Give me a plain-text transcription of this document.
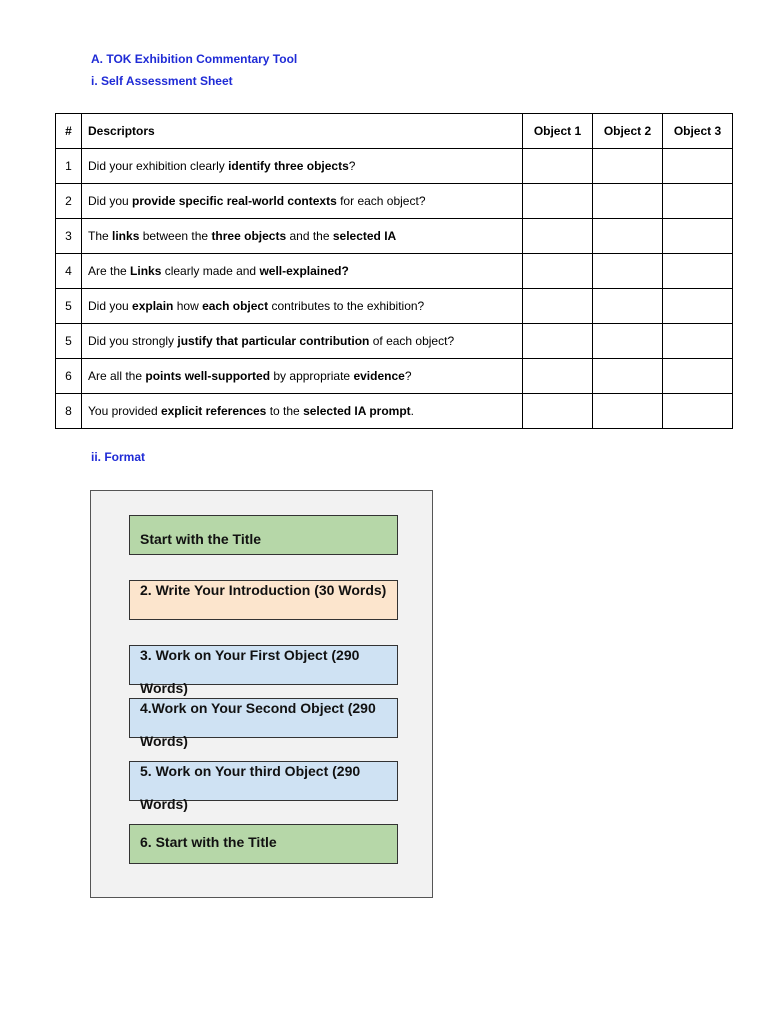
A. TOK Exhibition Commentary Tool
i. Self Assessment Sheet
#	Descriptors	Object 1	Object 2	Object 3
1	Did your exhibition clearly identify three objects?			
2	Did you provide specific real-world contexts for each object?			
3	The links between the three objects and the selected IA			
4	Are the Links clearly made and well-explained?			
5	Did you explain how each object contributes to the exhibition?			
5	Did you strongly justify that particular contribution of each object?			
6	Are all the points well-supported by appropriate evidence?			
8	You provided explicit references to the selected IA prompt.			
ii. Format
Start with the Title
2. Write Your Introduction (30 Words)
3. Work on Your First Object (290 Words)
4.Work on Your Second Object (290 Words)
5. Work on Your third Object (290 Words)
6. Start with the Title
